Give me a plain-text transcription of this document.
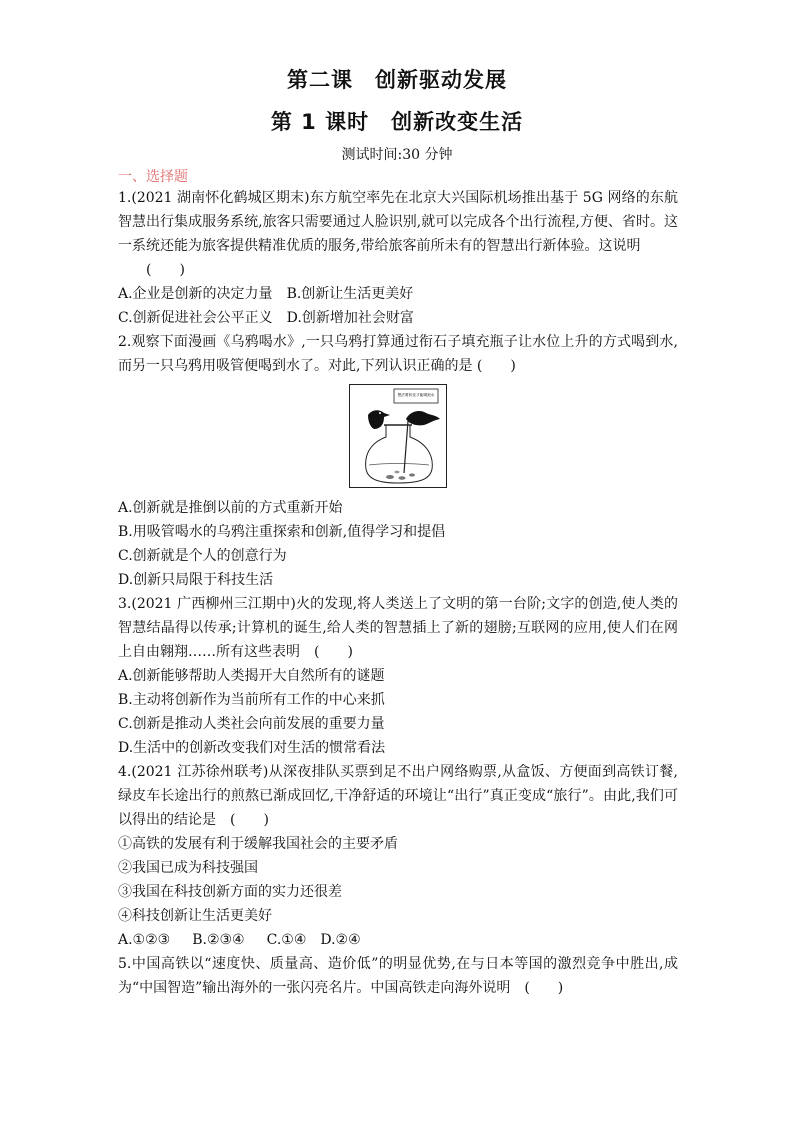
第二课　创新驱动发展
第 1 课时　创新改变生活

测试时间:30 分钟

一、选择题

1.(2021 湖南怀化鹤城区期末)东方航空率先在北京大兴国际机场推出基于 5G 网络的东航智慧出行集成服务系统,旅客只需要通过人脸识别,就可以完成各个出行流程,方便、省时。这一系统还能为旅客提供精准优质的服务,带给旅客前所未有的智慧出行新体验。这说明

　　(　　)

A.企业是创新的决定力量 B.创新让生活更美好

C.创新促进社会公平正义 D.创新增加社会财富

2.观察下面漫画《乌鸦喝水》,一只乌鸦打算通过衔石子填充瓶子让水位上升的方式喝到水,而另一只乌鸦用吸管便喝到水了。对此,下列认识正确的是 (　　)

想法要转变才能喝到水

A.创新就是推倒以前的方式重新开始

B.用吸管喝水的乌鸦注重探索和创新,值得学习和提倡

C.创新就是个人的创意行为

D.创新只局限于科技生活

3.(2021 广西柳州三江期中)火的发现,将人类送上了文明的第一台阶;文字的创造,使人类的智慧结晶得以传承;计算机的诞生,给人类的智慧插上了新的翅膀;互联网的应用,使人们在网上自由翱翔……所有这些表明 (　　)

A.创新能够帮助人类揭开大自然所有的谜题

B.主动将创新作为当前所有工作的中心来抓

C.创新是推动人类社会向前发展的重要力量

D.生活中的创新改变我们对生活的惯常看法

4.(2021 江苏徐州联考)从深夜排队买票到足不出户网络购票,从盒饭、方便面到高铁订餐,绿皮车长途出行的煎熬已渐成回忆,干净舒适的环境让“出行”真正变成“旅行”。由此,我们可以得出的结论是 (　　)

①高铁的发展有利于缓解我国社会的主要矛盾

②我国已成为科技强国

③我国在科技创新方面的实力还很差

④科技创新让生活更美好

A.①②③ B.②③④ C.①④ D.②④

5.中国高铁以“速度快、质量高、造价低”的明显优势,在与日本等国的激烈竞争中胜出,成为“中国智造”输出海外的一张闪亮名片。中国高铁走向海外说明 (　　)
